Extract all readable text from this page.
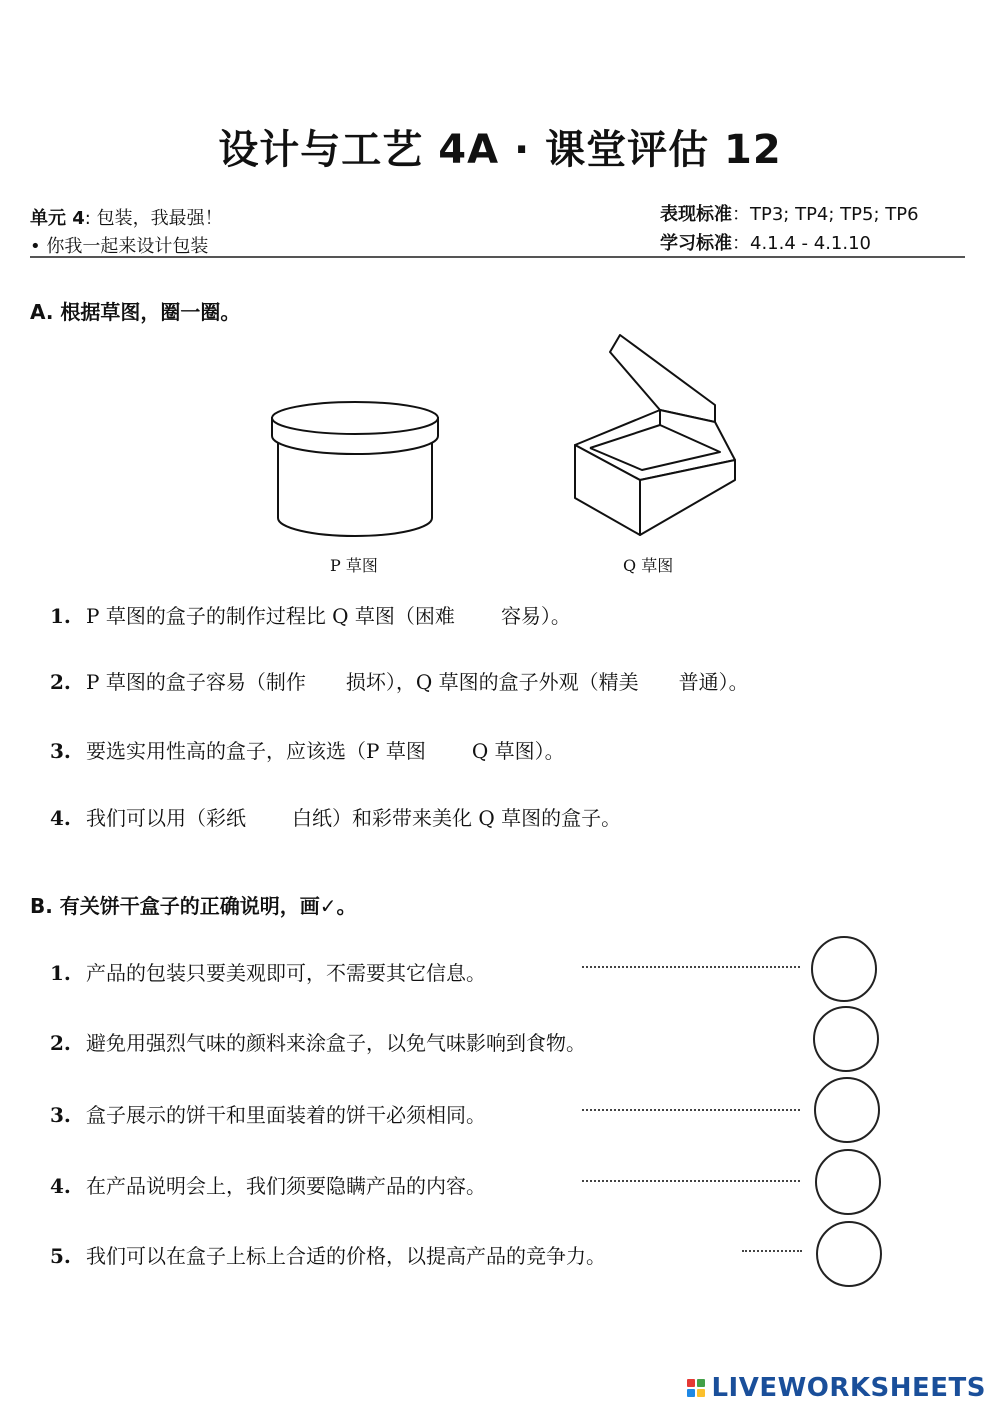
设计与工艺 4A · 课堂评估 12
单元 4: 包装，我最强！
• 你我一起来设计包装
表现标准：TP3; TP4; TP5; TP6
学习标准：4.1.4 - 4.1.10
A. 根据草图，圈一圈。
P 草图	Q 草图
1. P 草图的盒子的制作过程比 Q 草图（困难 容易）。
2. P 草图的盒子容易（制作 损坏），Q 草图的盒子外观（精美 普通）。
3. 要选实用性高的盒子，应该选（P 草图 Q 草图）。
4. 我们可以用（彩纸 白纸）和彩带来美化 Q 草图的盒子。
B. 有关饼干盒子的正确说明，画✓。
1. 产品的包装只要美观即可，不需要其它信息。
2. 避免用强烈气味的颜料来涂盒子，以免气味影响到食物。
3. 盒子展示的饼干和里面装着的饼干必须相同。
4. 在产品说明会上，我们须要隐瞒产品的内容。
5. 我们可以在盒子上标上合适的价格，以提高产品的竞争力。
LIVEWORKSHEETS
